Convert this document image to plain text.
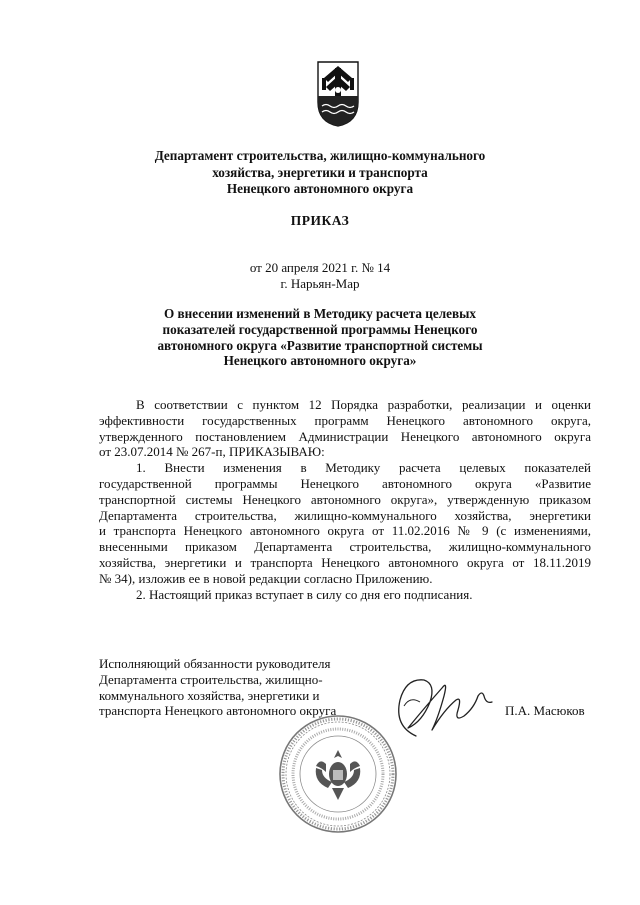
Департамент строительства, жилищно-коммунального
хозяйства, энергетики и транспорта
Ненецкого автономного округа
ПРИКАЗ
от 20 апреля 2021 г. № 14
г. Нарьян-Мар
О внесении изменений в Методику расчета целевых
показателей государственной программы Ненецкого
автономного округа «Развитие транспортной системы
Ненецкого автономного округа»
В соответствии с пунктом 12 Порядка разработки, реализации и оценки
эффективности государственных программ Ненецкого автономного округа,
утвержденного постановлением Администрации Ненецкого автономного округа
от 23.07.2014 № 267-п, ПРИКАЗЫВАЮ:
1. Внести изменения в Методику расчета целевых показателей
государственной программы Ненецкого автономного округа «Развитие
транспортной системы Ненецкого автономного округа», утвержденную приказом
Департамента строительства, жилищно-коммунального хозяйства, энергетики
и транспорта Ненецкого автономного округа от 11.02.2016 № 9 (с изменениями,
внесенными приказом Департамента строительства, жилищно-коммунального
хозяйства, энергетики и транспорта Ненецкого автономного округа от 18.11.2019
№ 34), изложив ее в новой редакции согласно Приложению.
2. Настоящий приказ вступает в силу со дня его подписания.
Исполняющий обязанности руководителя
Департамента строительства, жилищно-
коммунального хозяйства, энергетики и
транспорта Ненецкого автономного округа	П.А. Масюков
